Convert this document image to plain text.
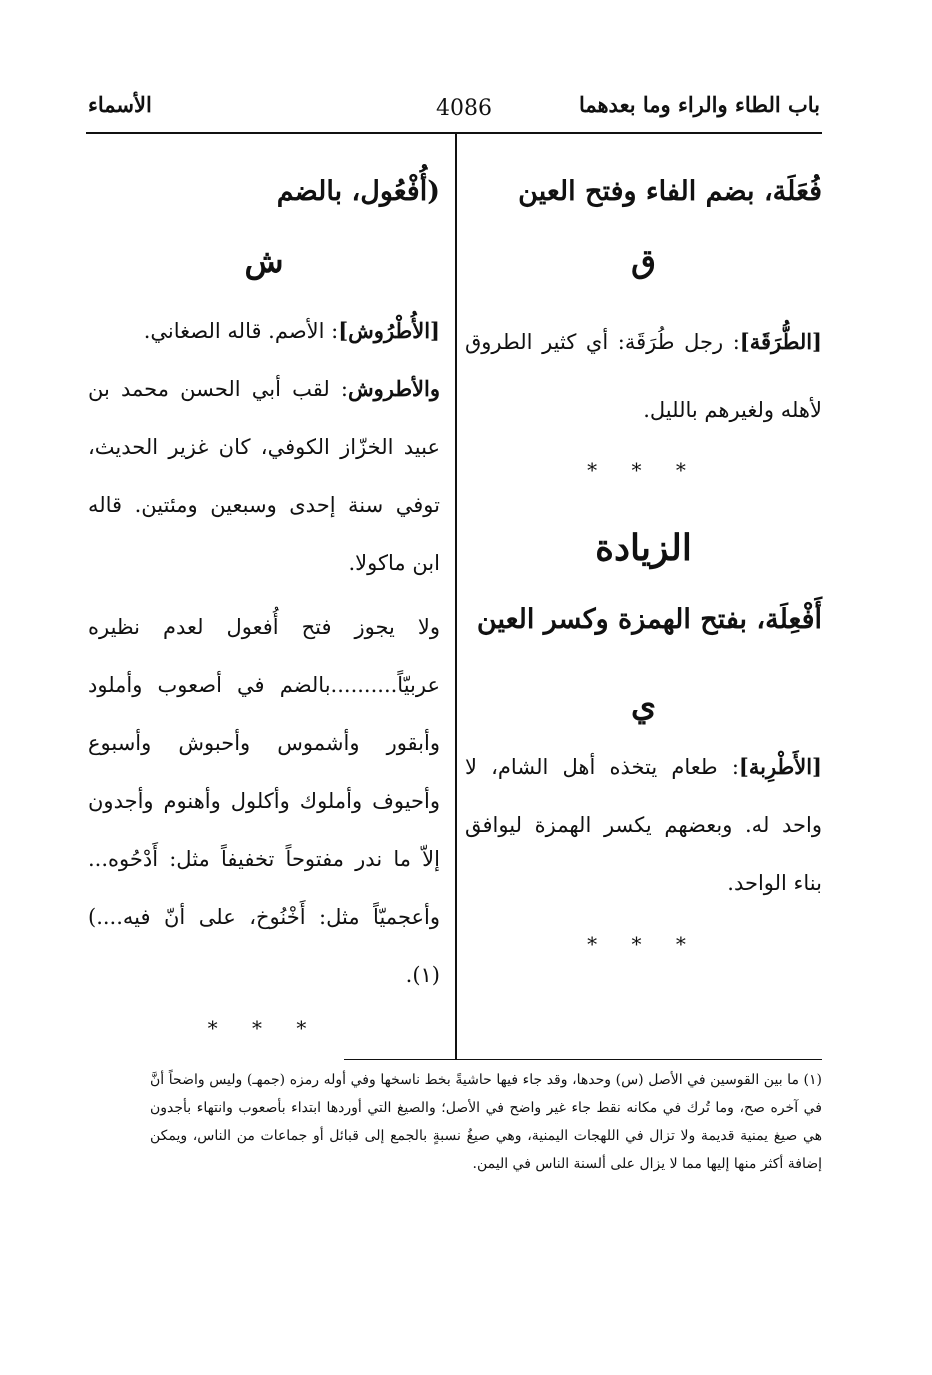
باب الطاء والراء وما بعدهما
4086
الأسماء

فُعَلَة، بضم الفاء وفتح العين

ق

[الطُّرَقَة]: رجل طُرَقَة: أي كثير الطروق لأهله ولغيرهم بالليل.

* * *

الزيادة

أَفْعِلَة، بفتح الهمزة وكسر العين

ي

[الأَطْرِبة]: طعام يتخذه أهل الشام، لا واحد له. وبعضهم يكسر الهمزة ليوافق بناء الواحد.

* * *

(أُفْعُول، بالضم

ش

[الأُطْرُوش]: الأصم. قاله الصغاني.

والأطروش: لقب أبي الحسن محمد بن عبيد الخزّاز الكوفي، كان غزير الحديث، توفي سنة إحدى وسبعين ومئتين. قاله ابن ماكولا.

ولا يجوز فتح أُفعول لعدم نظيره عربيّاً..........بالضم في أصعوب وأملود وأبقور وأشموس وأحبوش وأسبوع وأحيوف وأملوك وأكلول وأهنوم وأجدون إلاّ ما ندر مفتوحاً تخفيفاً مثل: أَدْحُوه... وأعجميّاً مثل: أَخْنُوخ، على أنّ فيه....)(١).

* * *

(١) ما بين القوسين في الأصل (س) وحدها، وقد جاء فيها حاشيةً بخط ناسخها وفي أوله رمزه (جمهـ) وليس واضحاً أنَّ في آخره صح، وما تُرك في مكانه نقط جاء غير واضح في الأصل؛ والصيغ التي أوردها ابتداء بأصعوب وانتهاء بأجدون هي صيغ يمنية قديمة ولا تزال في اللهجات اليمنية، وهي صيغُ نسبةٍ بالجمع إلى قبائل أو جماعات من الناس، ويمكن إضافة أكثر منها إليها مما لا يزال على ألسنة الناس في اليمن.
